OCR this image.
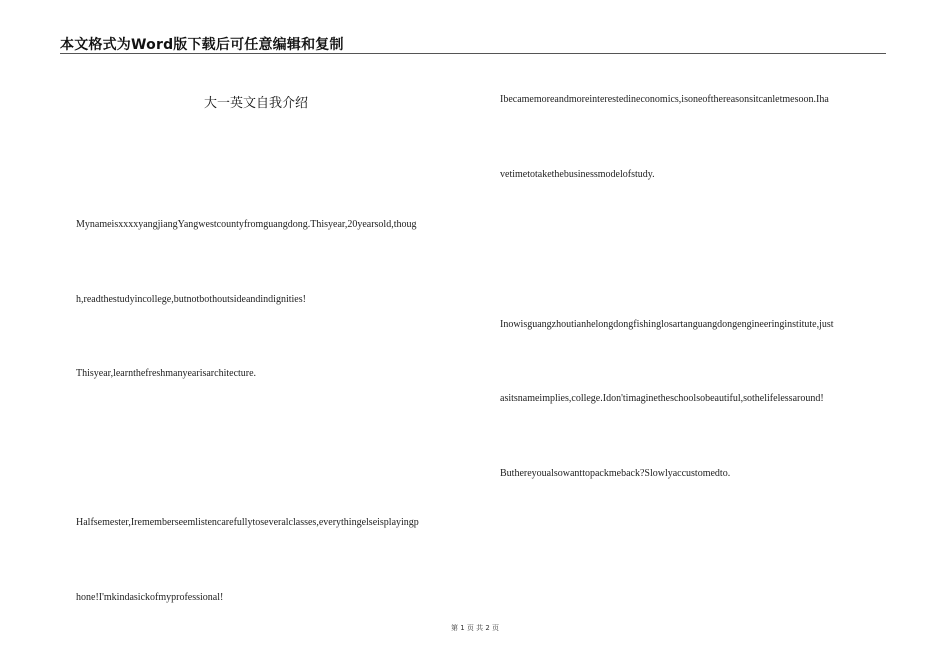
本文格式为Word版下载后可任意编辑和复制
大一英文自我介绍
MynameisxxxxyangjiangYangwestcountyfromguangdong.Thisyear,20yearsold,thoug
h,readthestudyincollege,butnotbothoutsideandindignities!
Thisyear,learnthefreshmanyearisarchitecture.
Halfsemester,Irememberseemlistencarefullytoseveralclasses,everythingelseisplayingp
hone!I'mkindasickofmyprofessional!
Ibecamemoreandmoreinterestedineconomics,isoneofthereasonsitcanletmesoon.Iha
vetimetotakethebusinessmodelofstudy.
Inowisguangzhoutianhelongdongfishinglosartanguangdongengineeringinstitute,just
asitsnameimplies,college.Idon'timaginetheschoolsobeautiful,sothelifelessaround!
Buthereyoualsowanttopackmeback?Slowlyaccustomedto.
第 1 页 共 2 页
